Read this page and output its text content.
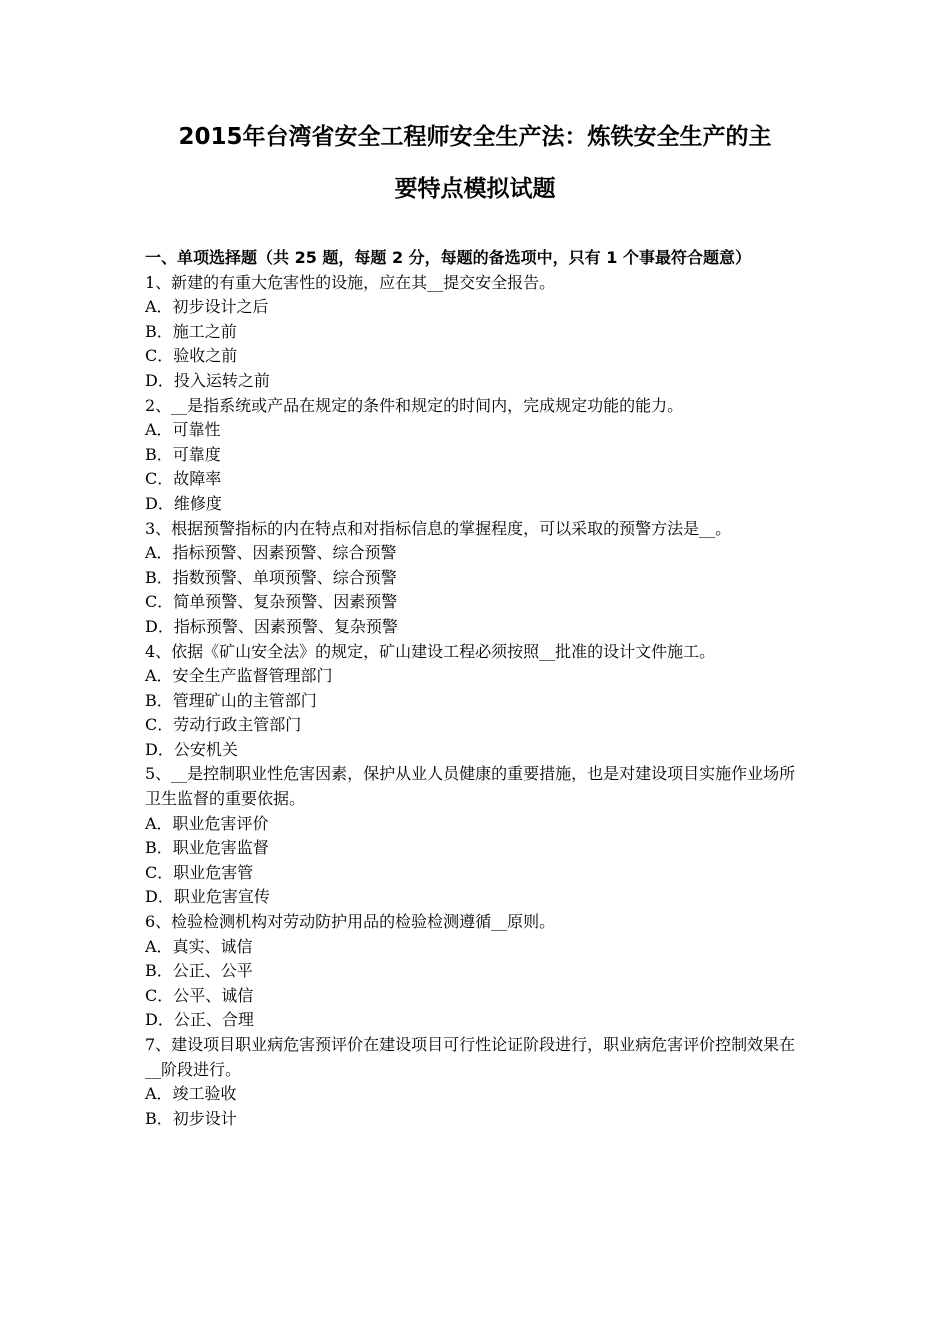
2015年台湾省安全工程师安全生产法：炼铁安全生产的主
要特点模拟试题

一、单项选择题（共 25 题，每题 2 分，每题的备选项中，只有 1 个事最符合题意）

1、新建的有重大危害性的设施，应在其__提交安全报告。

A．初步设计之后

B．施工之前

C．验收之前

D．投入运转之前

2、__是指系统或产品在规定的条件和规定的时间内，完成规定功能的能力。

A．可靠性

B．可靠度

C．故障率

D．维修度

3、根据预警指标的内在特点和对指标信息的掌握程度，可以采取的预警方法是__。

A．指标预警、因素预警、综合预警

B．指数预警、单项预警、综合预警

C．简单预警、复杂预警、因素预警

D．指标预警、因素预警、复杂预警

4、依据《矿山安全法》的规定，矿山建设工程必须按照__批准的设计文件施工。

A．安全生产监督管理部门

B．管理矿山的主管部门

C．劳动行政主管部门

D．公安机关

5、__是控制职业性危害因素，保护从业人员健康的重要措施，也是对建设项目实施作业场所卫生监督的重要依据。

A．职业危害评价

B．职业危害监督

C．职业危害管

D．职业危害宣传

6、检验检测机构对劳动防护用品的检验检测遵循__原则。

A．真实、诚信

B．公正、公平

C．公平、诚信

D．公正、合理

7、建设项目职业病危害预评价在建设项目可行性论证阶段进行，职业病危害评价控制效果在__阶段进行。

A．竣工验收

B．初步设计
